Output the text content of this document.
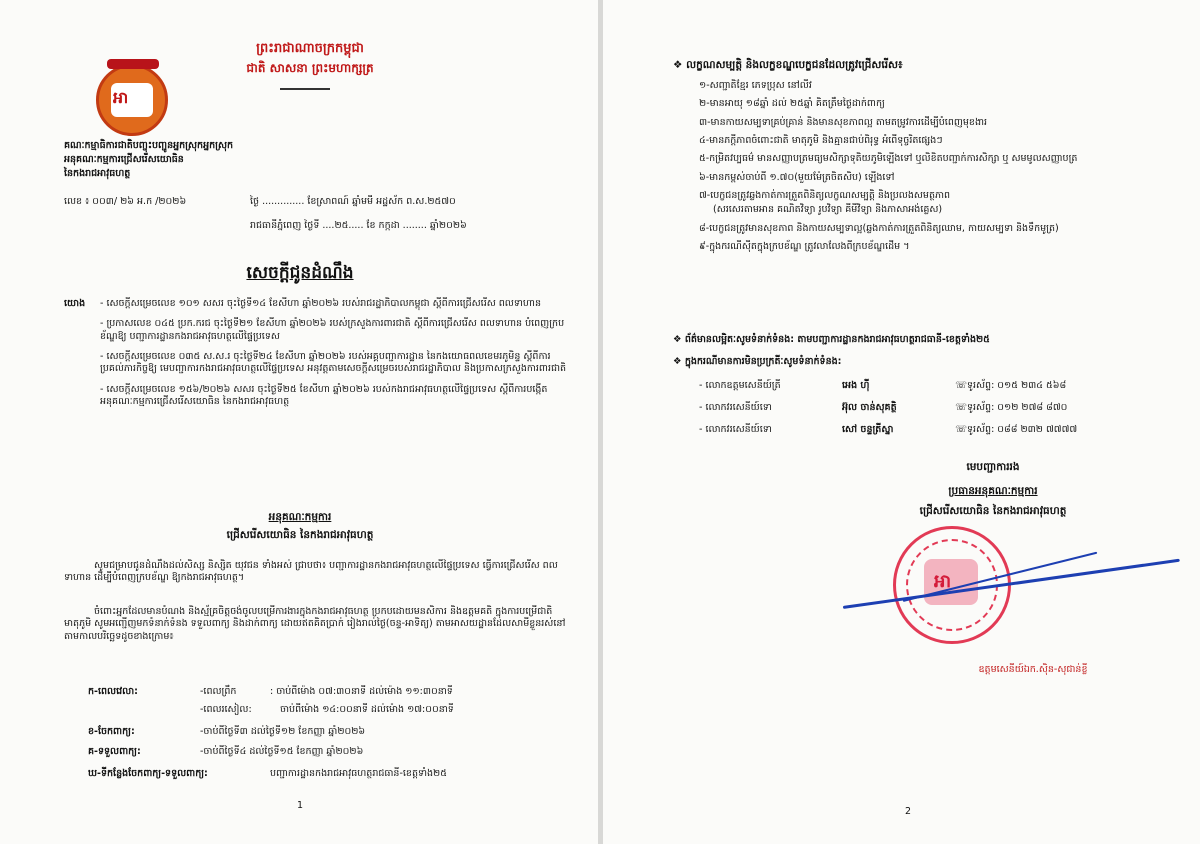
ព្រះរាជាណាចក្រកម្ពុជា
ជាតិ សាសនា ព្រះមហាក្សត្រ
អា
គណៈកម្មាធិការជាតិបញ្ចុះបញ្ជូនអ្នកស្រុកអ្នកស្រុក
អនុគណៈកម្មការជ្រើសរើសយោធិន
នៃកងរាជអាវុធហត្ថ
លេខ ៖ ០០៣/ ២៦ អ.ក /២០២៦	ថ្ងៃ​ .............. ខែស្រាពណ៍ ឆ្នាំមមី អដ្ឋស័ក ព.ស.២៥៧០
រាជធានីភ្នំពេញ ថ្ងៃទី ....២៥..... ខែ កក្កដា ........ ឆ្នាំ២០២៦
សេចក្តីជូនដំណឹង
យោង - សេចក្ដីសម្រេចលេខ ១០១ សសរ ចុះថ្ងៃទី១៤ ខែសីហា ឆ្នាំ២០២៦ របស់រាជរដ្ឋាភិបាលកម្ពុជា ស្ដីពីការជ្រើសរើស ពលទាហាន

- ប្រកាសលេខ ០៤៥ ប្រក.ករជ ចុះថ្ងៃទី២១ ខែសីហា ឆ្នាំ២០២៦ របស់ក្រសួងការពារជាតិ ស្ដីពីការជ្រើសរើស ពលទាហាន បំពេញក្របខ័ណ្ឌឱ្យ បញ្ជាការដ្ឋានកងរាជអាវុធហត្ថលើផ្ទៃប្រទេស

- សេចក្ដីសម្រេចលេខ ០៣៥ ស.ស.រ ចុះថ្ងៃទី២៤ ខែសីហា ឆ្នាំ២០២៦ របស់អគ្គបញ្ជាការដ្ឋាន នៃកងយោធពលខេមរភូមិន្ទ ស្ដីពីការប្រគល់ភារកិច្ចឱ្យ មេបញ្ជាការកងរាជអាវុធហត្ថលើផ្ទៃប្រទេស អនុវត្តតាមសេចក្ដីសម្រេចរបស់រាជរដ្ឋាភិបាល និងប្រកាសក្រសួងការពារជាតិ

- សេចក្ដីសម្រេចលេខ ១៥៦/២០២៦ សសរ ចុះថ្ងៃទី២៥ ខែសីហា ឆ្នាំ២០២៦ របស់កងរាជអាវុធហត្ថលើផ្ទៃប្រទេស ស្ដីពីការបង្កើតអនុគណៈកម្មការជ្រើសរើសយោធិន នៃកងរាជអាវុធហត្ថ

អនុគណៈកម្មការ
ជ្រើសរើសយោធិន នៃកងរាជអាវុធហត្ថ
សូមជម្រាបជូនដំណឹងដល់សិស្ស និស្សិត យុវជន ទាំងអស់ ជ្រាបថា៖ បញ្ជាការដ្ឋានកងរាជអាវុធហត្ថលើផ្ទៃប្រទេស ធ្វើការជ្រើសរើស ពលទាហាន ដើម្បីបំពេញក្របខ័ណ្ឌ ឱ្យកងរាជអាវុធហត្ថ។
ចំពោះអ្នកដែលមានបំណង និងស្ម័គ្រចិត្តចង់ចូលបម្រើការងារក្នុងកងរាជអាវុធហត្ថ ប្រកបដោយមនសិការ និងឧត្តមគតិ ក្នុងការបម្រើជាតិមាតុភូមិ សូមអញ្ជើញមកទំនាក់ទំនង ទទួលពាក្យ និងដាក់ពាក្យ ដោយឥតគិតប្រាក់ រៀងរាល់ថ្ងៃ(ចន្ទ-អាទិត្យ) តាមអាសយដ្ឋានដែលសាមីខ្លួនរស់នៅ តាមកាលបរិច្ឆេទដូចខាងក្រោម៖
ក-ពេលវេលា:	-ពេលព្រឹក	: ចាប់ពីម៉ោង ០៧:៣០នាទី ដល់ម៉ោង ១១:៣០នាទី
-ពេលរសៀល:	ចាប់ពីម៉ោង ១៤:០០នាទី ដល់ម៉ោង ១៧:០០នាទី
ខ-ចែកពាក្យ:	-ចាប់ពីថ្ងៃទី៣ ដល់ថ្ងៃទី១២ ខែកញ្ញា ឆ្នាំ២០២៦
គ-ទទួលពាក្យ:	-ចាប់ពីថ្ងៃទី៤ ដល់ថ្ងៃទី១៥ ខែកញ្ញា ឆ្នាំ២០២៦
ឃ-ទីកន្លែងចែកពាក្យ-ទទួលពាក្យ:	បញ្ជាការដ្ឋានកងរាជអាវុធហត្ថរាជធានី-ខេត្តទាំង២៥
1
❖ លក្ខណសម្បត្តិ និងលក្ខខណ្ឌបេក្ខជនដែលត្រូវជ្រើសរើស៖

១-សញ្ជាតិខ្មែរ ភេទប្រុស នៅលីវ

២-មានអាយុ ១៨ឆ្នាំ ដល់ ២៥ឆ្នាំ គិតត្រឹមថ្ងៃដាក់ពាក្យ

៣-មានកាយសម្បទាគ្រប់គ្រាន់ និងមានសុខភាពល្អ តាមតម្រូវការដើម្បីបំពេញមុខងារ

៤-មានភក្ដីភាពចំពោះជាតិ មាតុភូមិ និងគ្មានជាប់ពិរុទ្ធ អំពើទុច្ចរិតផ្សេងៗ

៥-កម្រិតវប្បធម៌ មានសញ្ញាបត្រមធ្យមសិក្សាទុតិយភូមិឡើងទៅ ឬលិខិតបញ្ជាក់ការសិក្សា ឬ សមមូលសញ្ញាបត្រ

៦-មានកម្ពស់ចាប់ពី ១.៧០(មួយម៉ែត្រចិតសិប) ឡើងទៅ

៧-បេក្ខជនត្រូវឆ្លងកាត់ការត្រួតពិនិត្យលក្ខណសម្បត្តិ និងប្រលងសមត្ថភាព

(សរសេរតាមអាន គណិតវិទ្យា រូបវិទ្យា គីមីវិទ្យា និងភាសាអង់គ្លេស)

៨-បេក្ខជនត្រូវមានសុខភាព និងកាយសម្បទាល្អ(ឆ្លងកាត់ការត្រួតពិនិត្យឈាម, កាយសម្បទា និងទឹកមូត្រ)

៩-ក្នុងករណីស៊ីតក្នុងក្របខ័ណ្ឌ ត្រូវលាលែងពីក្របខ័ណ្ឌដើម ។

❖ ព័ត៌មានលម្អិតៈសូមទំនាក់ទំនង: តាមបញ្ជាការដ្ឋានកងរាជអាវុធហត្ថរាជធានី-ខេត្តទាំង២៥
❖ ក្នុងករណីមានការមិនប្រក្រតីៈសូមទំនាក់ទំនង:
- លោកឧត្តមសេនីយ៍ត្រី	អេង ហ៊ី	☏ទូរស័ព្ទ: ០១៥ ២៣៤ ៥៦៨
- លោកវរសេនីយ៍ទោ	អ៊ុល ចាន់សុគត្ថិ	☏ទូរស័ព្ទ: ០១២ ២៧៨ ៨៧០
- លោកវរសេនីយ៍ទោ	សៅ ចន្ទត្រីស្នា	☏ទូរស័ព្ទ: ០៨៨ ២៣២ ៧៧៧៧
មេបញ្ជាការរង
ប្រធានអនុគណៈកម្មការ
ជ្រើសរើសយោធិន នៃកងរាជអាវុធហត្ថ
អា
ឧត្តមសេនីយ៍ឯក.ស៊ិន-សុជាន់ខ្លី
2
